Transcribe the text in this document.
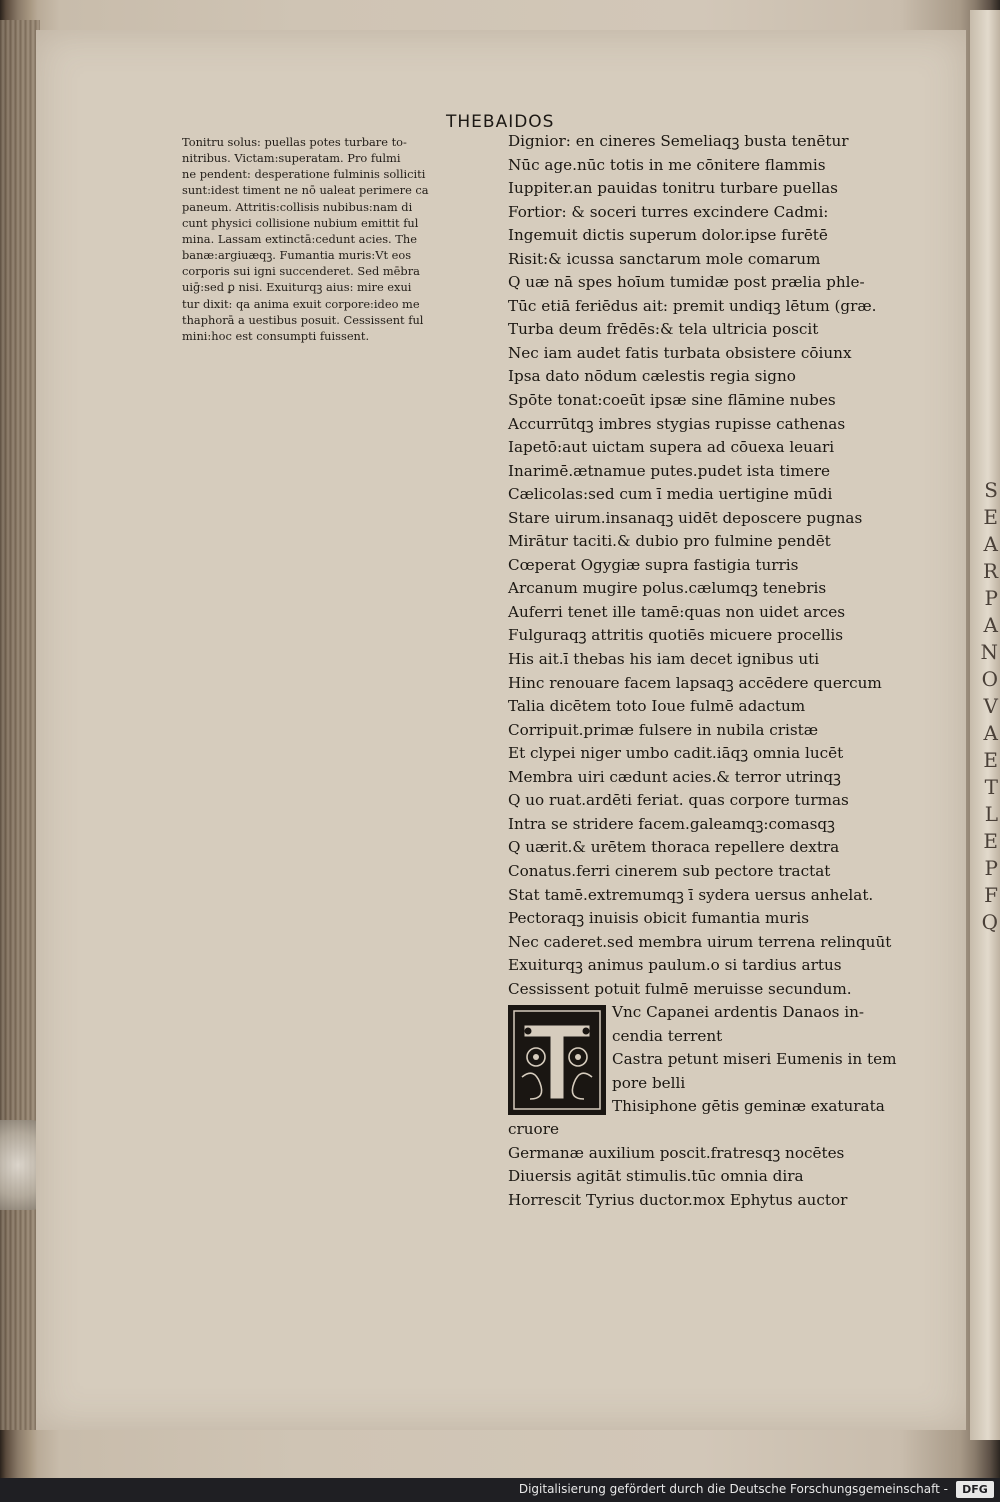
S
E
A
R
P
A
N
O
V
A
E
T
L
E
P
F
Q
THEBAIDOS
Tonitru solus: puellas potes turbare to-
nitribus. Victam:superatam. Pro fulmi
ne pendent: desperatione fulminis solliciti
sunt:idest timent ne nō ualeat perimere ca
paneum. Attritis:collisis nubibus:nam di
cunt physici collisione nubium emittit ful
mina. Lassam extinctā:cedunt acies. The
banæ:argiuæqꝫ. Fumantia muris:Vt eos
corporis sui igni succenderet. Sed mēbra
uiḡ:sed ꝑ nisi. Exuiturqꝫ aius: mire exui
tur dixit: qa anima exuit corpore:ideo me
thaphorā a uestibus posuit. Cessissent ful
mini:hoc est consumpti fuissent.
Dignior: en cineres Semeliaqꝫ busta tenētur
Nūc age.nūc totis in me cōnitere flammis
Iuppiter.an pauidas tonitru turbare puellas
Fortior: & soceri turres excindere Cadmi:
Ingemuit dictis superum dolor.ipse furētē
Risit:& icussa sanctarum mole comarum
Q uæ nā spes hoīum tumidæ post prælia phle-
Tūc etiā feriēdus ait: premit undiqꝫ lētum (græ.
Turba deum frēdēs:& tela ultricia poscit
Nec iam audet fatis turbata obsistere cōiunx
Ipsa dato nōdum cælestis regia signo
Spōte tonat:coeūt ipsæ sine flāmine nubes
Accurrūtqꝫ imbres stygias rupisse cathenas
Iapetō:aut uictam supera ad cōuexa leuari
Inarimē.ætnamue putes.pudet ista timere
Cælicolas:sed cum ī media uertigine mūdi
Stare uirum.insanaqꝫ uidēt deposcere pugnas
Mirātur taciti.& dubio pro fulmine pendēt
Cœperat Ogygiæ supra fastigia turris
Arcanum mugire polus.cælumqꝫ tenebris
Auferri tenet ille tamē:quas non uidet arces
Fulguraqꝫ attritis quotiēs micuere procellis
His ait.ī thebas his iam decet ignibus uti
Hinc renouare facem lapsaqꝫ accēdere quercum
Talia dicētem toto Ioue fulmē adactum
Corripuit.primæ fulsere in nubila cristæ
Et clypei niger umbo cadit.iāqꝫ omnia lucēt
Membra uiri cædunt acies.& terror utrinqꝫ
Q uo ruat.ardēti feriat. quas corpore turmas
Intra se stridere facem.galeamqꝫ:comasqꝫ
Q uærit.& urētem thoraca repellere dextra
Conatus.ferri cinerem sub pectore tractat
Stat tamē.extremumqꝫ ī sydera uersus anhelat.
Pectoraqꝫ inuisis obicit fumantia muris
Nec caderet.sed membra uirum terrena relinquūt
Exuiturqꝫ animus paulum.o si tardius artus
Cessissent potuit fulmē meruisse secundum.
Vnc Capanei ardentis Danaos in-
cendia terrent
Castra petunt miseri Eumenis in tem
pore belli
Thisiphone gētis geminæ exaturata
cruore
Germanæ auxilium poscit.fratresqꝫ nocētes
Diuersis agitāt stimulis.tūc omnia dira
Horrescit Tyrius ductor.mox Ephytus auctor
Digitalisierung gefördert durch die Deutsche Forschungsgemeinschaft -	DFG
